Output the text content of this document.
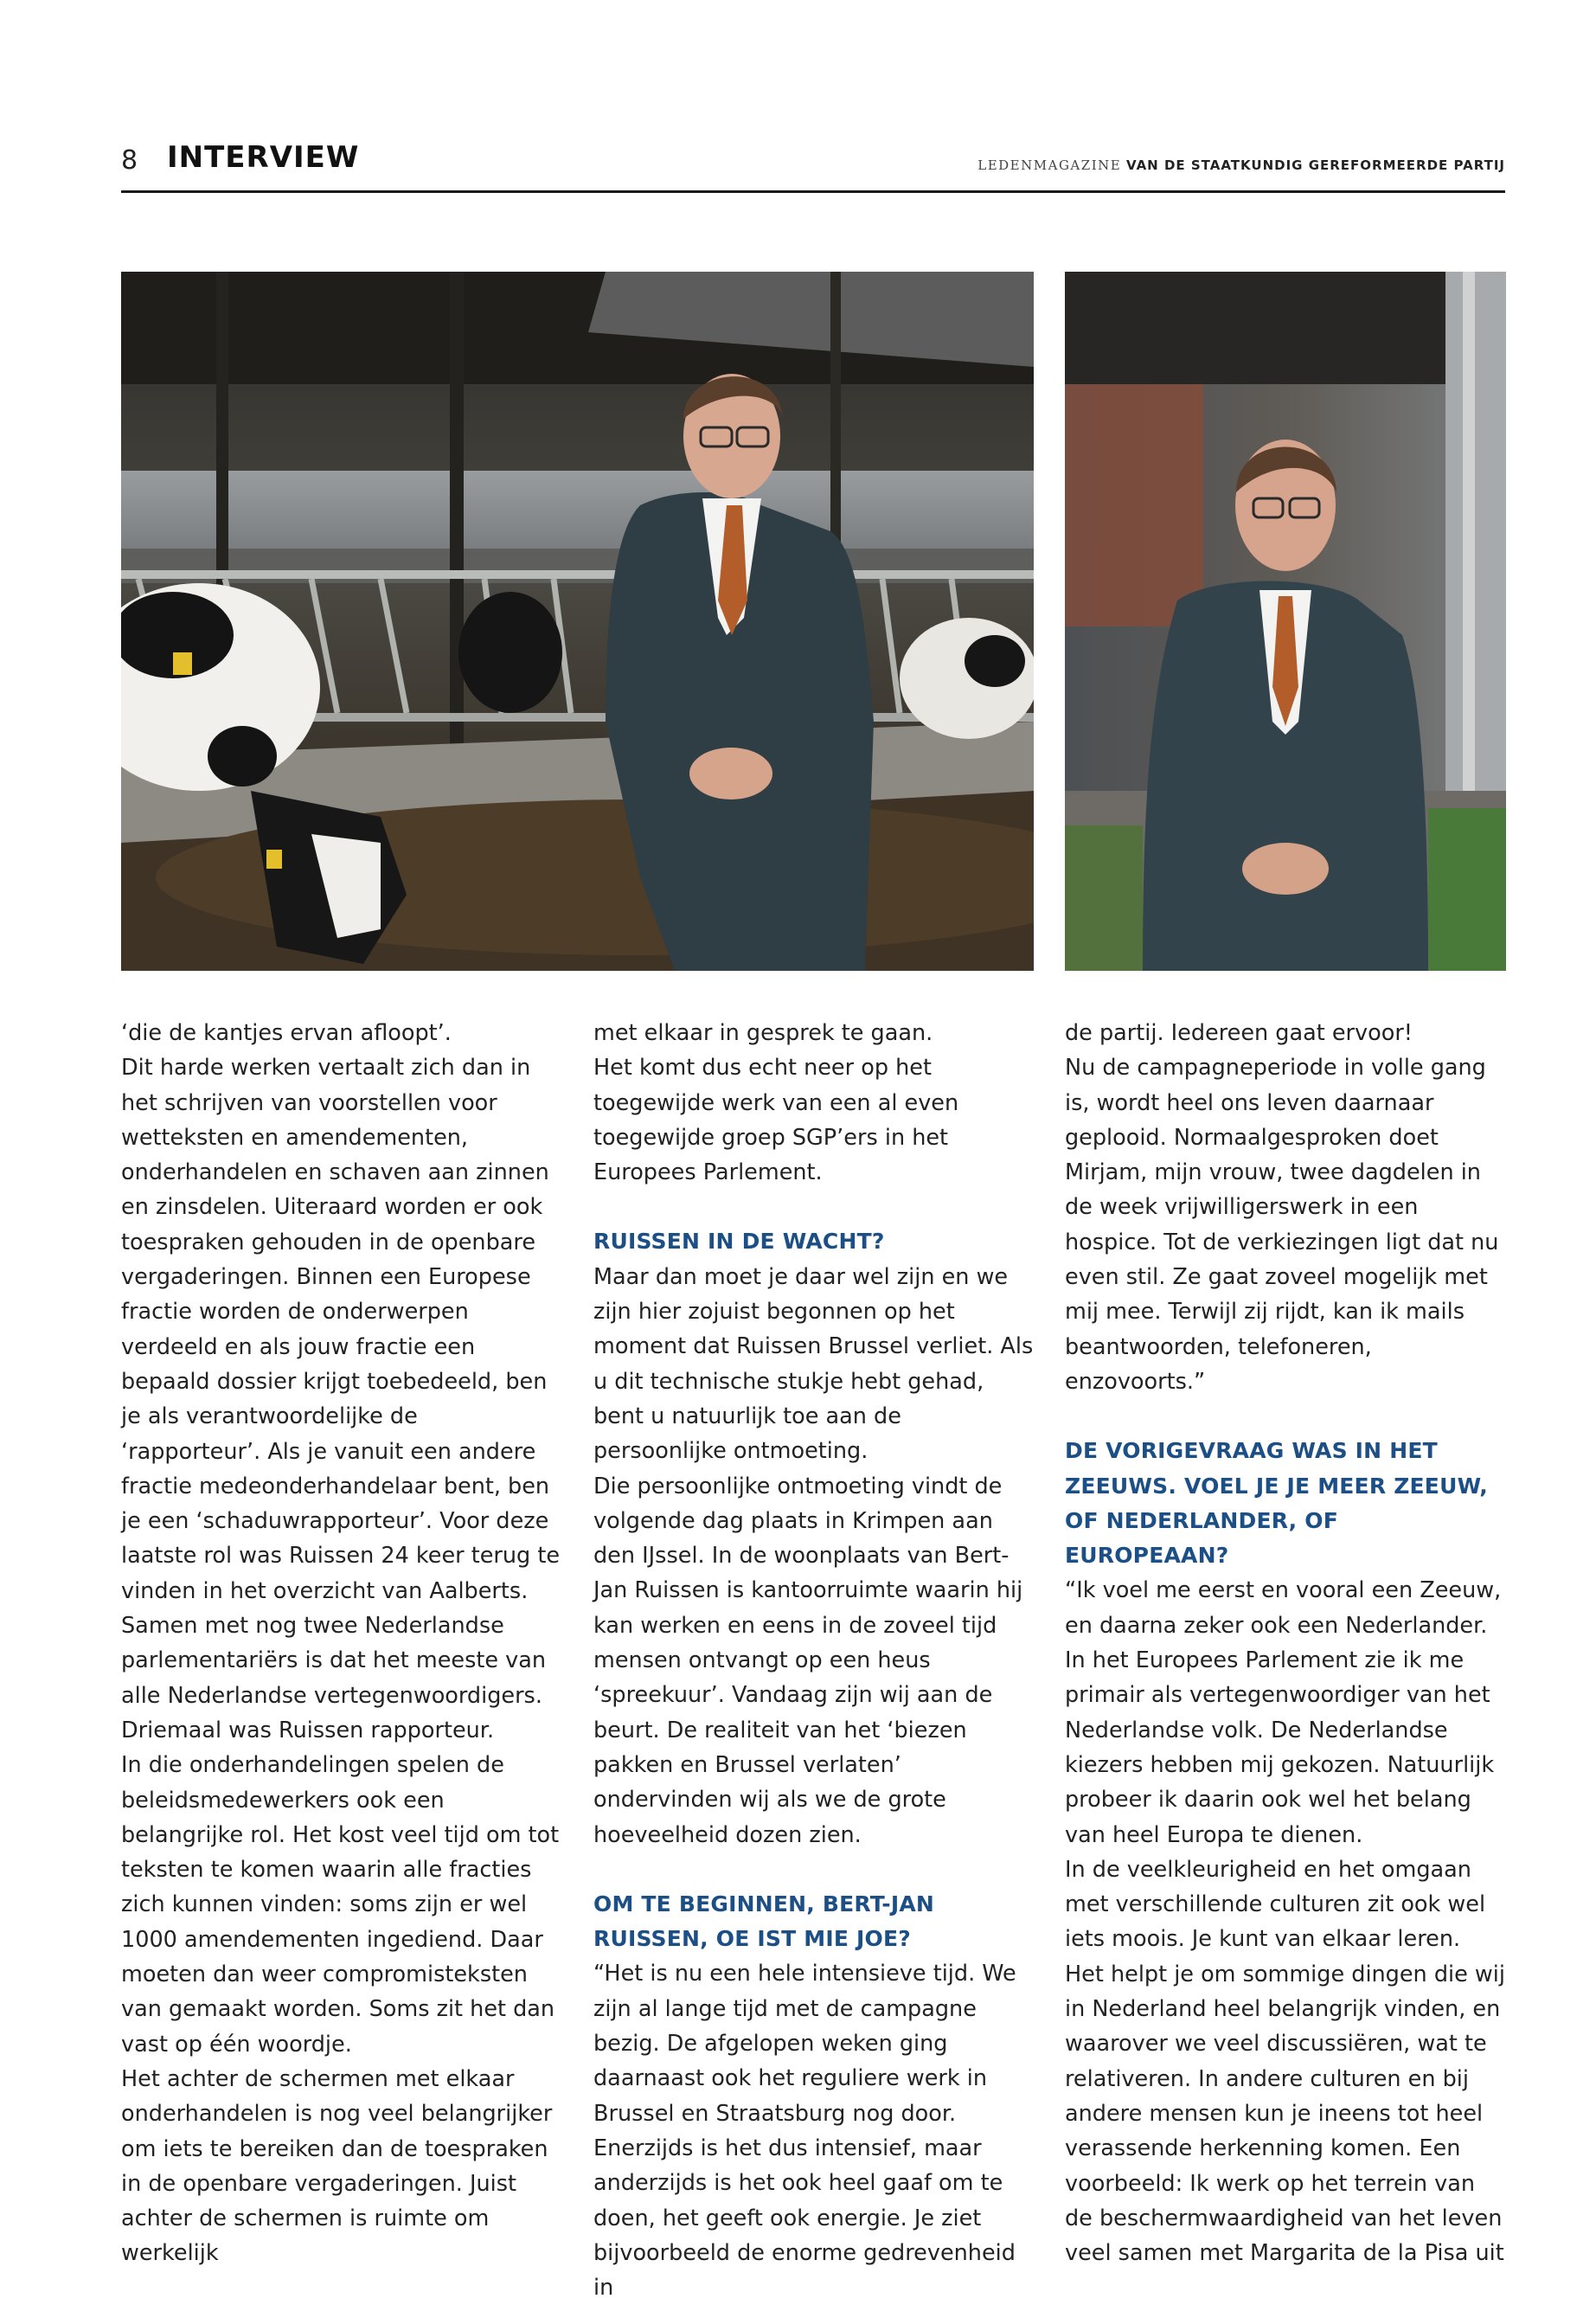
8 INTERVIEW	LEDENMAGAZINE VAN DE STAATKUNDIG GEREFORMEERDE PARTIJ

‘die de kantjes ervan afloopt’.

Dit harde werken vertaalt zich dan in het schrijven van voorstellen voor wetteksten en amendementen, onderhandelen en schaven aan zinnen en zinsdelen. Uiteraard worden er ook toespraken gehouden in de openbare vergaderingen. Binnen een Europese fractie worden de onderwerpen verdeeld en als jouw fractie een bepaald dossier krijgt toebedeeld, ben je als verantwoordelijke de ‘rapporteur’. Als je vanuit een andere fractie medeonderhandelaar bent, ben je een ‘schaduwrapporteur’. Voor deze laatste rol was Ruissen 24 keer terug te vinden in het overzicht van Aalberts. Samen met nog twee Nederlandse parlementariërs is dat het meeste van alle Nederlandse vertegenwoordigers. Driemaal was Ruissen rapporteur.

In die onderhandelingen spelen de beleidsmedewerkers ook een belangrijke rol. Het kost veel tijd om tot teksten te komen waarin alle fracties zich kunnen vinden: soms zijn er wel 1000 amendementen ingediend. Daar moeten dan weer compromisteksten van gemaakt worden. Soms zit het dan vast op één woordje.

Het achter de schermen met elkaar onderhandelen is nog veel belangrijker om iets te bereiken dan de toespraken in de openbare vergaderingen. Juist achter de schermen is ruimte om werkelijk

met elkaar in gesprek te gaan.

Het komt dus echt neer op het toegewijde werk van een al even toegewijde groep SGP’ers in het Europees Parlement.

RUISSEN IN DE WACHT?

Maar dan moet je daar wel zijn en we zijn hier zojuist begonnen op het moment dat Ruissen Brussel verliet. Als u dit technische stukje hebt gehad, bent u natuurlijk toe aan de persoonlijke ontmoeting.

Die persoonlijke ontmoeting vindt de volgende dag plaats in Krimpen aan den IJssel. In de woonplaats van Bert-Jan Ruissen is kantoorruimte waarin hij kan werken en eens in de zoveel tijd mensen ontvangt op een heus ‘spreekuur’. Vandaag zijn wij aan de beurt. De realiteit van het ‘biezen pakken en Brussel verlaten’ ondervinden wij als we de grote hoeveelheid dozen zien.

OM TE BEGINNEN, BERT-JAN RUISSEN, OE IST MIE JOE?

“Het is nu een hele intensieve tijd. We zijn al lange tijd met de campagne bezig. De afgelopen weken ging daarnaast ook het reguliere werk in Brussel en Straatsburg nog door. Enerzijds is het dus intensief, maar anderzijds is het ook heel gaaf om te doen, het geeft ook energie. Je ziet bijvoorbeeld de enorme gedrevenheid in

de partij. Iedereen gaat ervoor!

Nu de campagneperiode in volle gang is, wordt heel ons leven daarnaar geplooid. Normaalgesproken doet Mirjam, mijn vrouw, twee dagdelen in de week vrijwilligerswerk in een hospice. Tot de verkiezingen ligt dat nu even stil. Ze gaat zoveel mogelijk met mij mee. Terwijl zij rijdt, kan ik mails beantwoorden, telefoneren, enzovoorts.”

DE VORIGEVRAAG WAS IN HET ZEEUWS. VOEL JE JE MEER ZEEUW, OF NEDERLANDER, OF EUROPEAAN?

“Ik voel me eerst en vooral een Zeeuw, en daarna zeker ook een Nederlander. In het Europees Parlement zie ik me primair als vertegenwoordiger van het Nederlandse volk. De Nederlandse kiezers hebben mij gekozen. Natuurlijk probeer ik daarin ook wel het belang van heel Europa te dienen.

In de veelkleurigheid en het omgaan met verschillende culturen zit ook wel iets moois. Je kunt van elkaar leren. Het helpt je om sommige dingen die wij in Nederland heel belangrijk vinden, en waarover we veel discussiëren, wat te relativeren. In andere culturen en bij andere mensen kun je ineens tot heel verassende herkenning komen. Een voorbeeld: Ik werk op het terrein van de beschermwaardigheid van het leven veel samen met Margarita de la Pisa uit
